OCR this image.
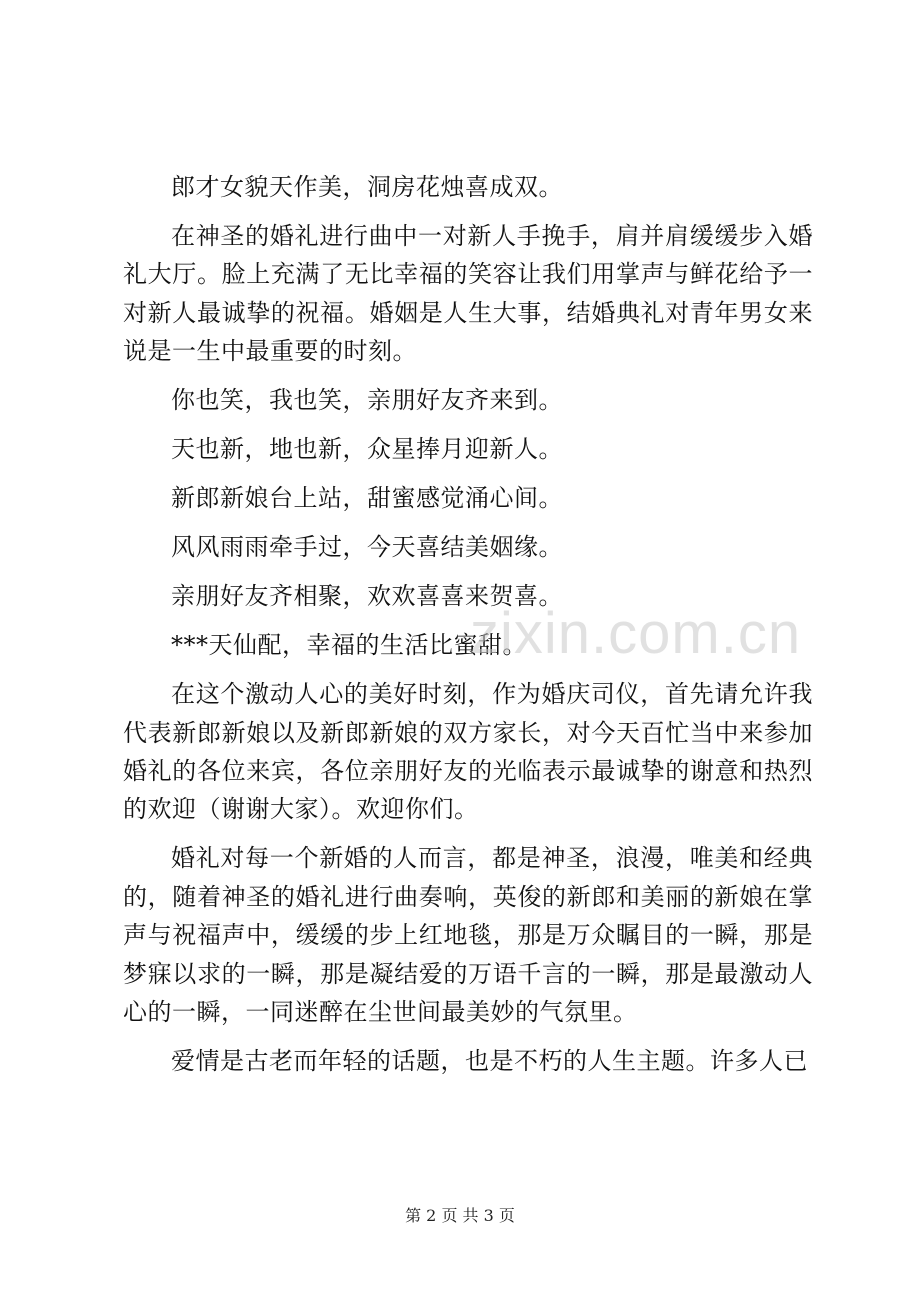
郎才女貌天作美，洞房花烛喜成双。

在神圣的婚礼进行曲中一对新人手挽手，肩并肩缓缓步入婚礼大厅。脸上充满了无比幸福的笑容让我们用掌声与鲜花给予一对新人最诚挚的祝福。婚姻是人生大事，结婚典礼对青年男女来说是一生中最重要的时刻。

你也笑，我也笑，亲朋好友齐来到。

天也新，地也新，众星捧月迎新人。

新郎新娘台上站，甜蜜感觉涌心间。

风风雨雨牵手过，今天喜结美姻缘。

亲朋好友齐相聚，欢欢喜喜来贺喜。

***天仙配，幸福的生活比蜜甜。

在这个激动人心的美好时刻，作为婚庆司仪，首先请允许我代表新郎新娘以及新郎新娘的双方家长，对今天百忙当中来参加婚礼的各位来宾，各位亲朋好友的光临表示最诚挚的谢意和热烈的欢迎（谢谢大家）。欢迎你们。

婚礼对每一个新婚的人而言，都是神圣，浪漫，唯美和经典的，随着神圣的婚礼进行曲奏响，英俊的新郎和美丽的新娘在掌声与祝福声中，缓缓的步上红地毯，那是万众瞩目的一瞬，那是梦寐以求的一瞬，那是凝结爱的万语千言的一瞬，那是最激动人心的一瞬，一同迷醉在尘世间最美妙的气氛里。

爱情是古老而年轻的话题，也是不朽的人生主题。许多人已

zixin.com.cn
第 2 页 共 3 页
